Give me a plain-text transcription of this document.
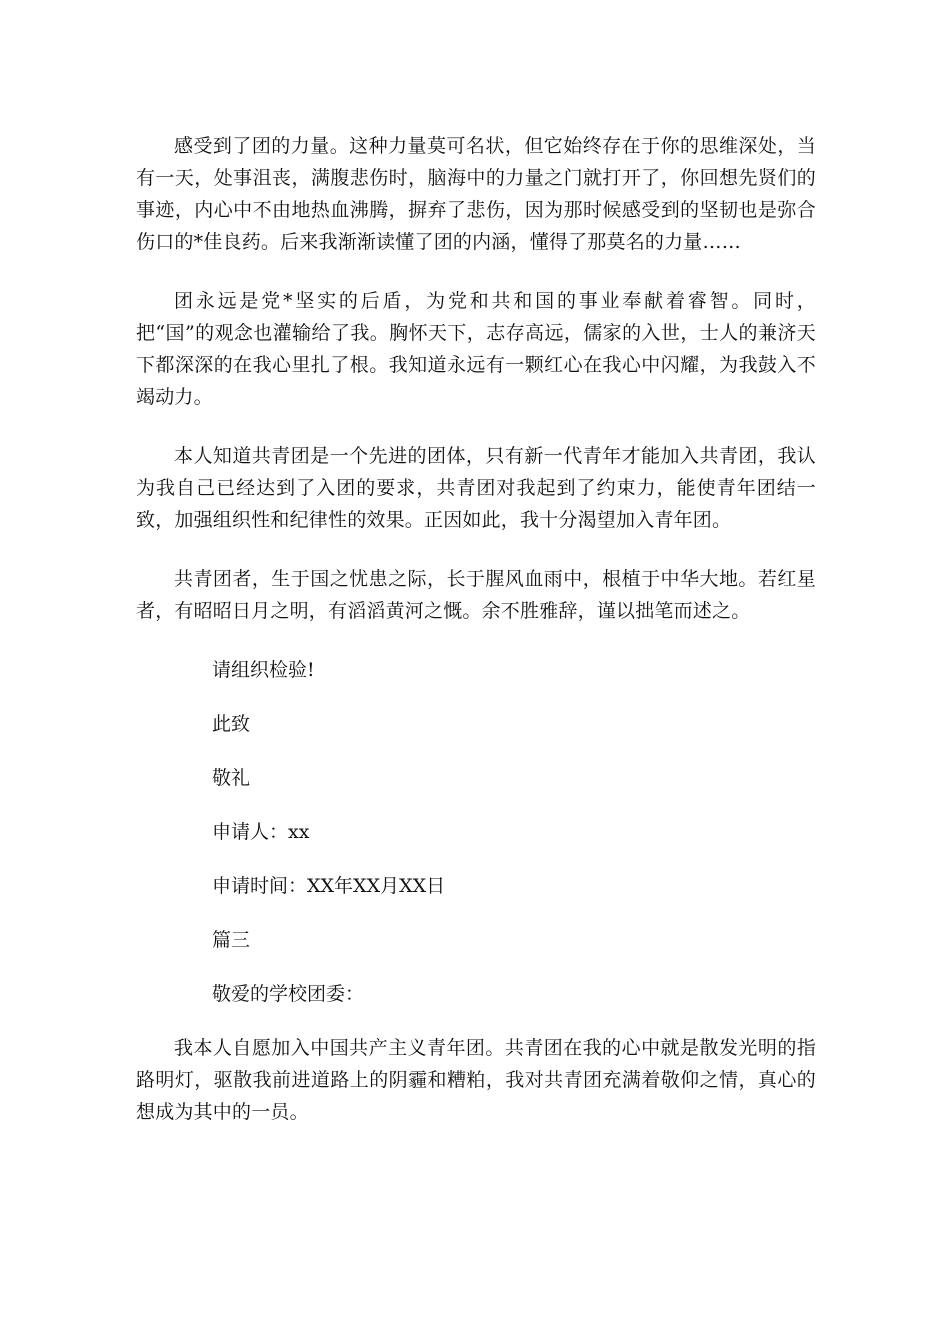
感受到了团的力量。这种力量莫可名状，但它始终存在于你的思维深处，当有一天，处事沮丧，满腹悲伤时，脑海中的力量之门就打开了，你回想先贤们的事迹，内心中不由地热血沸腾，摒弃了悲伤，因为那时候感受到的坚韧也是弥合伤口的*佳良药。后来我渐渐读懂了团的内涵，懂得了那莫名的力量……

团永远是党*坚实的后盾，为党和共和国的事业奉献着睿智。同时，把“国”的观念也灌输给了我。胸怀天下，志存高远，儒家的入世，士人的兼济天下都深深的在我心里扎了根。我知道永远有一颗红心在我心中闪耀，为我鼓入不竭动力。

本人知道共青团是一个先进的团体，只有新一代青年才能加入共青团，我认为我自己已经达到了入团的要求，共青团对我起到了约束力，能使青年团结一致，加强组织性和纪律性的效果。正因如此，我十分渴望加入青年团。

共青团者，生于国之忧患之际，长于腥风血雨中，根植于中华大地。若红星者，有昭昭日月之明，有滔滔黄河之慨。余不胜雅辞，谨以拙笔而述之。

请组织检验!

此致

敬礼

申请人：xx

申请时间：XX年XX月XX日

篇三

敬爱的学校团委：

我本人自愿加入中国共产主义青年团。共青团在我的心中就是散发光明的指路明灯，驱散我前进道路上的阴霾和糟粕，我对共青团充满着敬仰之情，真心的想成为其中的一员。
